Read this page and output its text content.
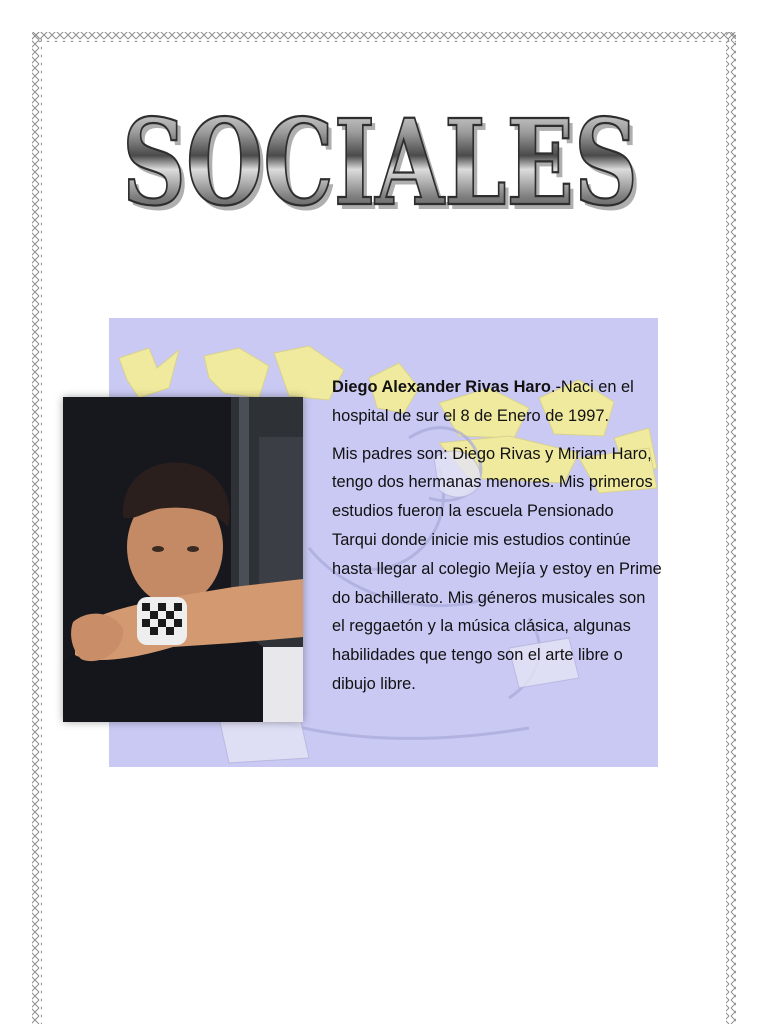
SOCIALES
SOCIALES

Diego Alexander Rivas Haro.-Naci en el hospital de sur el 8 de Enero de 1997.

Mis padres son: Diego Rivas y Miriam Haro, tengo dos hermanas menores. Mis primeros estudios fueron la escuela Pensionado Tarqui donde inicie mis estudios continúe hasta llegar al colegio Mejía y estoy en Prime do bachillerato. Mis géneros musicales son el reggaetón y la música clásica, algunas habilidades que tengo son el arte libre o dibujo libre.
